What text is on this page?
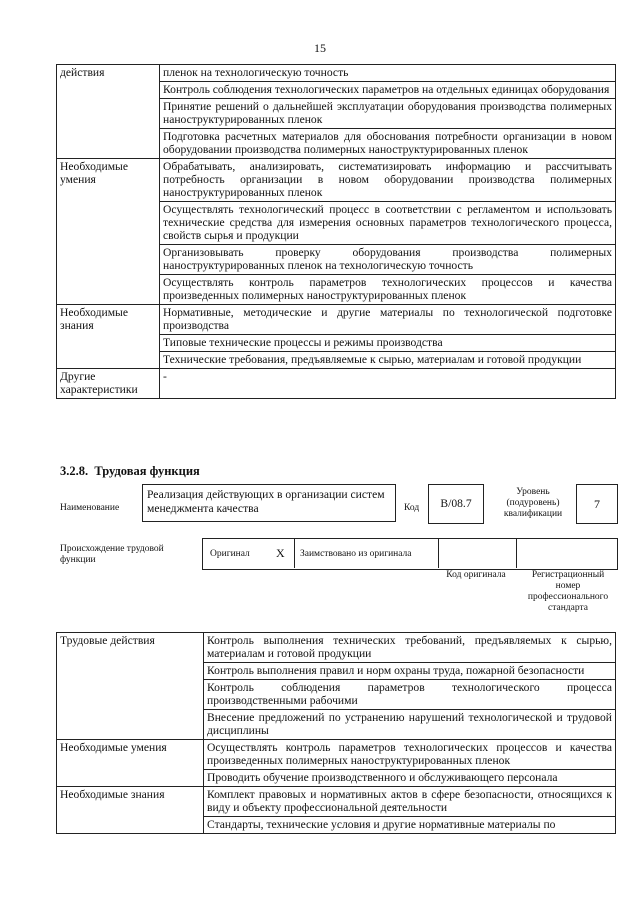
15
действия	пленок на технологическую точность
	Контроль соблюдения технологических параметров на отдельных единицах оборудования
	Принятие решений о дальнейшей эксплуатации оборудования производства полимерных наноструктурированных пленок
	Подготовка расчетных материалов для обоснования потребности организации в новом оборудовании производства полимерных наноструктурированных пленок
Необходимые умения	Обрабатывать, анализировать, систематизировать информацию и рассчитывать потребность организации в новом оборудовании производства полимерных наноструктурированных пленок
	Осуществлять технологический процесс в соответствии с регламентом и использовать технические средства для измерения основных параметров технологического процесса, свойств сырья и продукции
	Организовывать проверку оборудования производства полимерных наноструктурированных пленок на технологическую точность
	Осуществлять контроль параметров технологических процессов и качества произведенных полимерных наноструктурированных пленок
Необходимые знания	Нормативные, методические и другие материалы по технологической подготовке производства
	Типовые технические процессы и режимы производства
	Технические требования, предъявляемые к сырью, материалам и готовой продукции
Другие характеристики	-
3.2.8. Трудовая функция
Наименование
Реализация действующих в организации систем менеджмента качества	Код	B/08.7
Уровень (подуровень) квалификации
7
Происхождение трудовой функции
Оригинал X Заимствовано из оригинала
Код оригинала	Регистрационный номер профессионального стандарта
Трудовые действия	Контроль выполнения технических требований, предъявляемых к сырью, материалам и готовой продукции
	Контроль выполнения правил и норм охраны труда, пожарной безопасности
	Контроль соблюдения параметров технологического процесса производственными рабочими
	Внесение предложений по устранению нарушений технологической и трудовой дисциплины
Необходимые умения	Осуществлять контроль параметров технологических процессов и качества произведенных полимерных наноструктурированных пленок
	Проводить обучение производственного и обслуживающего персонала
Необходимые знания	Комплект правовых и нормативных актов в сфере безопасности, относящихся к виду и объекту профессиональной деятельности
	Стандарты, технические условия и другие нормативные материалы по
